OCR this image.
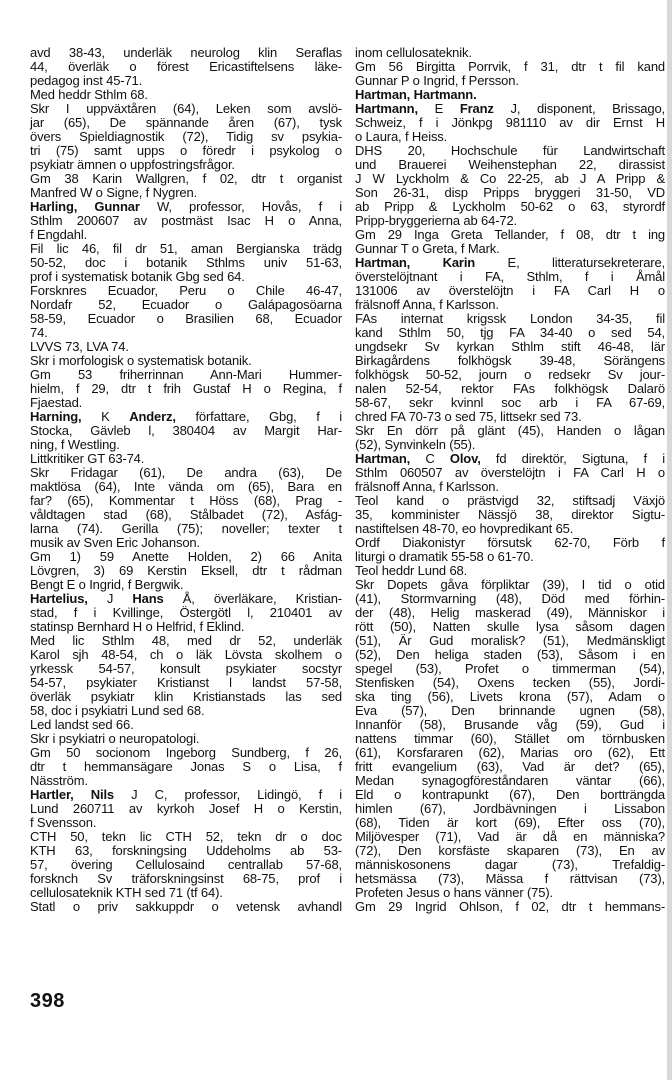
avd 38-43, underläk neurolog klin Seraflas
44, överläk o förest Ericastiftelsens läke-
pedagog inst 45-71.
Med heddr Sthlm 68.
Skr I uppväxtåren (64), Leken som avslö-
jar (65), De spännande åren (67), tysk
övers Spieldiagnostik (72), Tidig sv psykia-
tri (75) samt upps o föredr i psykolog o
psykiatr ämnen o uppfostringsfrågor.
Gm 38 Karin Wallgren, f 02, dtr t organist
Manfred W o Signe, f Nygren.
Harling, Gunnar W, professor, Hovås, f i
Sthlm 200607 av postmäst Isac H o Anna,
f Engdahl.
Fil lic 46, fil dr 51, aman Bergianska trädg
50-52, doc i botanik Sthlms univ 51-63,
prof i systematisk botanik Gbg sed 64.
Forsknres Ecuador, Peru o Chile 46-47,
Nordafr 52, Ecuador o Galápagosöarna
58-59, Ecuador o Brasilien 68, Ecuador
74.
LVVS 73, LVA 74.
Skr i morfologisk o systematisk botanik.
Gm 53 friherrinnan Ann-Mari Hummer-
hielm, f 29, dtr t frih Gustaf H o Regina, f
Fjaestad.
Harning, K Anderz, författare, Gbg, f i
Stocka, Gävleb l, 380404 av Margit Har-
ning, f Westling.
Littkritiker GT 63-74.
Skr Fridagar (61), De andra (63), De
maktlösa (64), Inte vända om (65), Bara en
far? (65), Kommentar t Höss (68), Prag -
våldtagen stad (68), Stålbadet (72), Asfág-
larna (74). Gerilla (75); noveller; texter t
musik av Sven Eric Johanson.
Gm 1) 59 Anette Holden, 2) 66 Anita
Lövgren, 3) 69 Kerstin Eksell, dtr t rådman
Bengt E o Ingrid, f Bergwik.
Hartelius, J Hans Å, överläkare, Kristian-
stad, f i Kvillinge, Östergötl l, 210401 av
statinsp Bernhard H o Helfrid, f Eklind.
Med lic Sthlm 48, med dr 52, underläk
Karol sjh 48-54, ch o läk Lövsta skolhem o
yrkessk 54-57, konsult psykiater socstyr
54-57, psykiater Kristianst l landst 57-58,
överläk psykiatr klin Kristianstads las sed
58, doc i psykiatri Lund sed 68.
Led landst sed 66.
Skr i psykiatri o neuropatologi.
Gm 50 socionom Ingeborg Sundberg, f 26,
dtr t hemmansägare Jonas S o Lisa, f
Näsström.
Hartler, Nils J C, professor, Lidingö, f i
Lund 260711 av kyrkoh Josef H o Kerstin,
f Svensson.
CTH 50, tekn lic CTH 52, tekn dr o doc
KTH 63, forskningsing Uddeholms ab 53-
57, övering Cellulosaind centrallab 57-68,
forsknch Sv träforskningsinst 68-75, prof i
cellulosateknik KTH sed 71 (tf 64).
Statl o priv sakkuppdr o vetensk avhandl
inom cellulosateknik.
Gm 56 Birgitta Porrvik, f 31, dtr t fil kand
Gunnar P o Ingrid, f Persson.
Hartman, Hartmann.
Hartmann, E Franz J, disponent, Brissago,
Schweiz, f i Jönkpg 981110 av dir Ernst H
o Laura, f Heiss.
DHS 20, Hochschule für Landwirtschaft
und Brauerei Weihenstephan 22, dirassist
J W Lyckholm & Co 22-25, ab J A Pripp &
Son 26-31, disp Pripps bryggeri 31-50, VD
ab Pripp & Lyckholm 50-62 o 63, styrordf
Pripp-bryggerierna ab 64-72.
Gm 29 Inga Greta Tellander, f 08, dtr t ing
Gunnar T o Greta, f Mark.
Hartman, Karin E, litteratursekreterare,
överstelöjtnant i FA, Sthlm, f i Åmål
131006 av överstelöjtn i FA Carl H o
frälsnoff Anna, f Karlsson.
FAs internat krigssk London 34-35, fil
kand Sthlm 50, tjg FA 34-40 o sed 54,
ungdsekr Sv kyrkan Sthlm stift 46-48, lär
Birkagårdens folkhögsk 39-48, Sörängens
folkhögsk 50-52, journ o redsekr Sv jour-
nalen 52-54, rektor FAs folkhögsk Dalarö
58-67, sekr kvinnl soc arb i FA 67-69,
chred FA 70-73 o sed 75, littsekr sed 73.
Skr En dörr på glänt (45), Handen o lågan
(52), Synvinkeln (55).
Hartman, C Olov, fd direktör, Sigtuna, f i
Sthlm 060507 av överstelöjtn i FA Carl H o
frälsnoff Anna, f Karlsson.
Teol kand o prästvigd 32, stiftsadj Växjö
35, komminister Nässjö 38, direktor Sigtu-
nastiftelsen 48-70, eo hovpredikant 65.
Ordf Diakonistyr försutsk 62-70, Förb f
liturgi o dramatik 55-58 o 61-70.
Teol heddr Lund 68.
Skr Dopets gåva förpliktar (39), I tid o otid
(41), Stormvarning (48), Död med förhin-
der (48), Helig maskerad (49), Människor i
rött (50), Natten skulle lysa såsom dagen
(51), Är Gud moralisk? (51), Medmänskligt
(52), Den heliga staden (53), Såsom i en
spegel (53), Profet o timmerman (54),
Stenfisken (54), Oxens tecken (55), Jordi-
ska ting (56), Livets krona (57), Adam o
Eva (57), Den brinnande ugnen (58),
Innanför (58), Brusande våg (59), Gud i
nattens timmar (60), Stället om törnbusken
(61), Korsfararen (62), Marias oro (62), Ett
fritt evangelium (63), Vad är det? (65),
Medan synagogföreståndaren väntar (66),
Eld o kontrapunkt (67), Den bortträngda
himlen (67), Jordbävningen i Lissabon
(68), Tiden är kort (69), Efter oss (70),
Miljövesper (71), Vad är då en människa?
(72), Den korsfäste skaparen (73), En av
människosonens dagar (73), Trefaldig-
hetsmässa (73), Mässa f rättvisan (73),
Profeten Jesus o hans vänner (75).
Gm 29 Ingrid Ohlson, f 02, dtr t hemmans-
398
